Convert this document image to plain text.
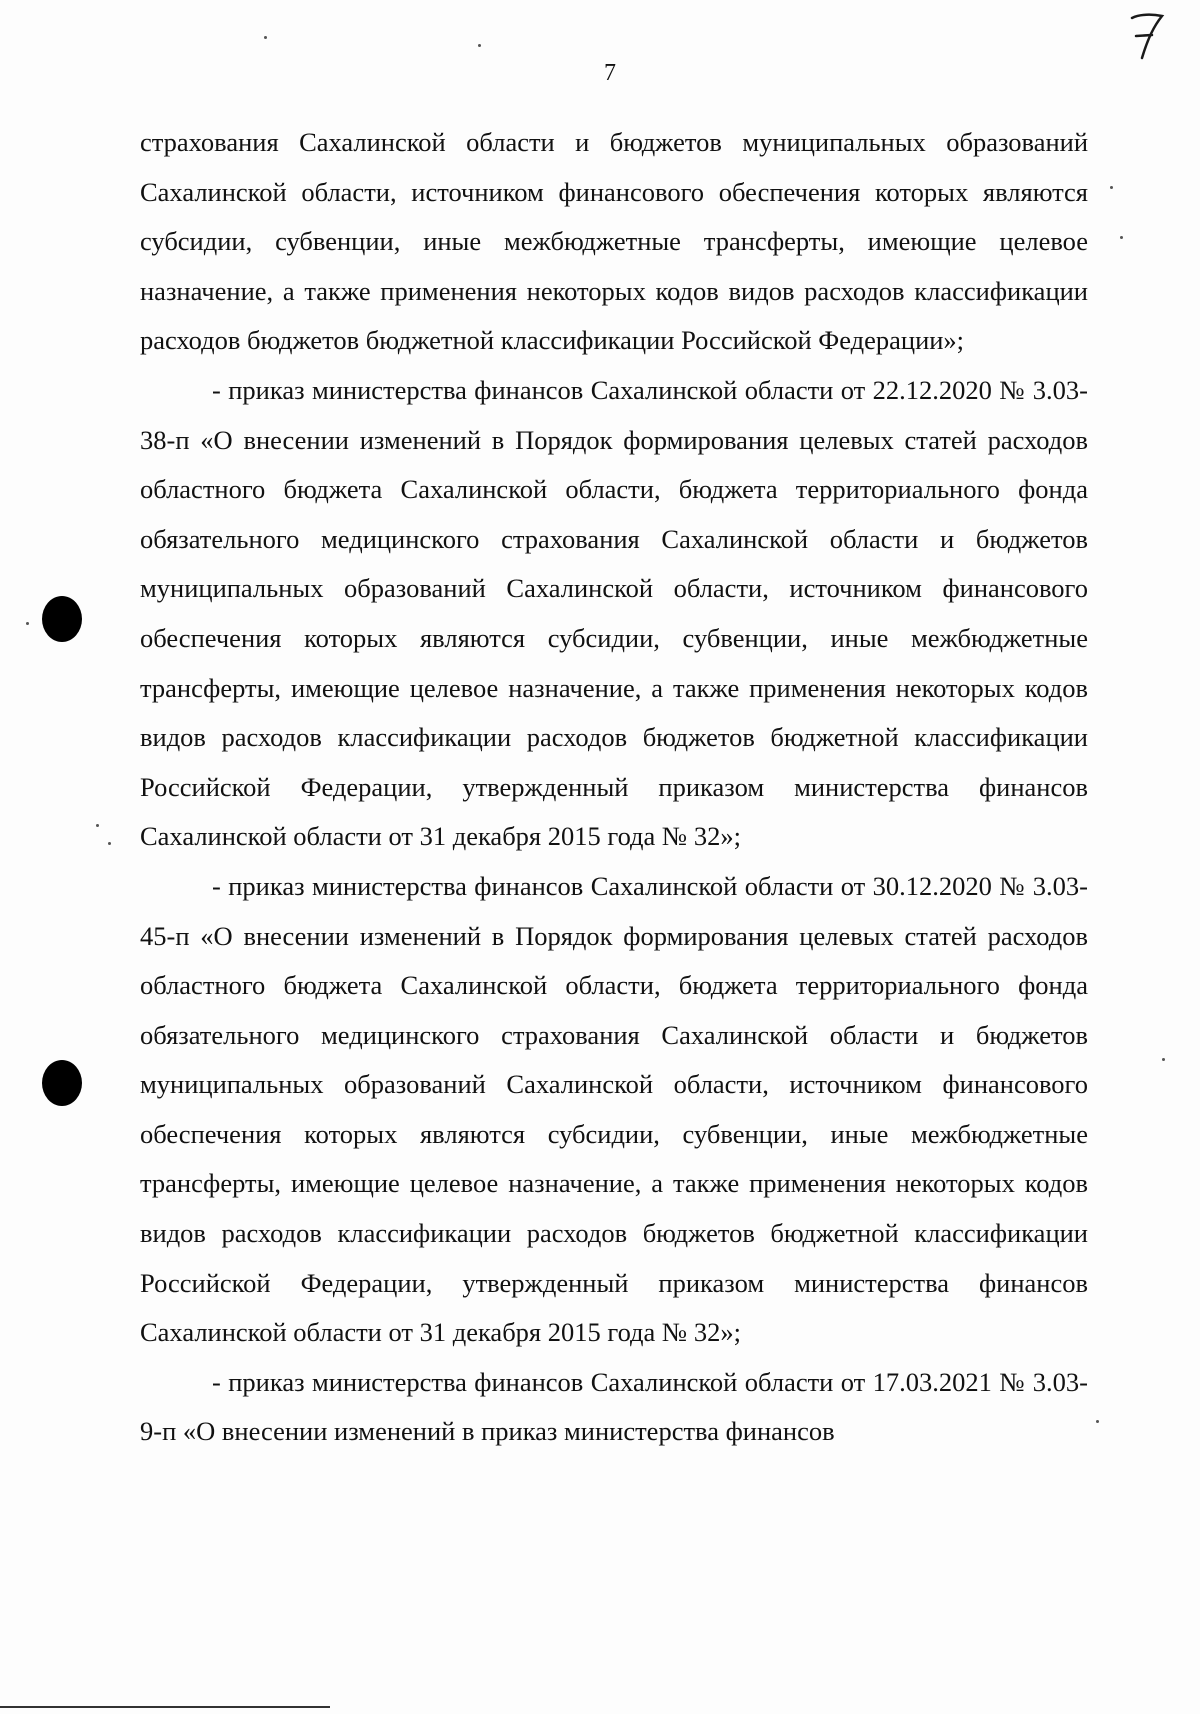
7

страхования Сахалинской области и бюджетов муниципальных образований Сахалинской области, источником финансового обеспечения которых являются субсидии, субвенции, иные межбюджетные трансферты, имеющие целевое назначение, а также применения некоторых кодов видов расходов классификации расходов бюджетов бюджетной классификации Российской Федерации»;

- приказ министерства финансов Сахалинской области от 22.12.2020 № 3.03-38-п «О внесении изменений в Порядок формирования целевых статей расходов областного бюджета Сахалинской области, бюджета территориального фонда обязательного медицинского страхования Сахалинской области и бюджетов муниципальных образований Сахалинской области, источником финансового обеспечения которых являются субсидии, субвенции, иные межбюджетные трансферты, имеющие целевое назначение, а также применения некоторых кодов видов расходов классификации расходов бюджетов бюджетной классификации Российской Федерации, утвержденный приказом министерства финансов Сахалинской области от 31 декабря 2015 года № 32»;

- приказ министерства финансов Сахалинской области от 30.12.2020 № 3.03-45-п «О внесении изменений в Порядок формирования целевых статей расходов областного бюджета Сахалинской области, бюджета территориального фонда обязательного медицинского страхования Сахалинской области и бюджетов муниципальных образований Сахалинской области, источником финансового обеспечения которых являются субсидии, субвенции, иные межбюджетные трансферты, имеющие целевое назначение, а также применения некоторых кодов видов расходов классификации расходов бюджетов бюджетной классификации Российской Федерации, утвержденный приказом министерства финансов Сахалинской области от 31 декабря 2015 года № 32»;

- приказ министерства финансов Сахалинской области от 17.03.2021 № 3.03-9-п «О внесении изменений в приказ министерства финансов
